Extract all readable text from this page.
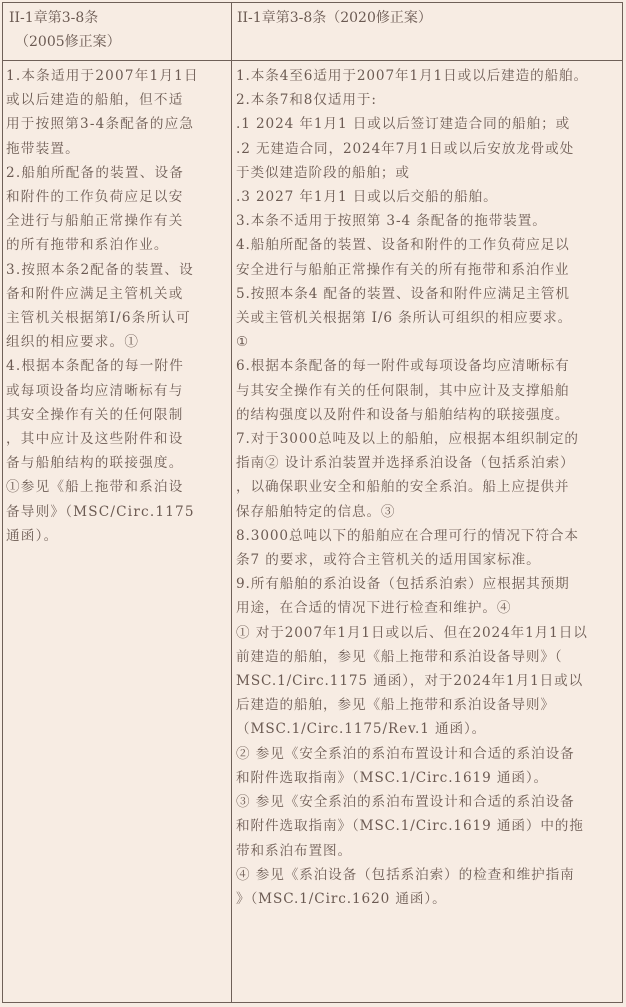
II-1章第3-8条
（2005修正案）
II-1章第3-8条（2020修正案）

1.本条适用于2007年1月1日

或以后建造的船舶，但不适

用于按照第3-4条配备的应急

拖带装置。

2.船舶所配备的装置、设备

和附件的工作负荷应足以安

全进行与船舶正常操作有关

的所有拖带和系泊作业。

3.按照本条2配备的装置、设

备和附件应满足主管机关或

主管机关根据第I/6条所认可

组织的相应要求。①

4.根据本条配备的每一附件

或每项设备均应清晰标有与

其安全操作有关的任何限制

，其中应计及这些附件和设

备与船舶结构的联接强度。

①参见《船上拖带和系泊设

备导则》（MSC/Circ.1175

通函）。

1.本条4至6适用于2007年1月1日或以后建造的船舶。

2.本条7和8仅适用于:

.1 2024 年1月1 日或以后签订建造合同的船舶；或

.2 无建造合同，2024年7月1日或以后安放龙骨或处

于类似建造阶段的船舶；或

.3 2027 年1月1 日或以后交船的船舶。

3.本条不适用于按照第 3-4 条配备的拖带装置。

4.船舶所配备的装置、设备和附件的工作负荷应足以

安全进行与船舶正常操作有关的所有拖带和系泊作业

5.按照本条4 配备的装置、设备和附件应满足主管机

关或主管机关根据第 I/6 条所认可组织的相应要求。

①

6.根据本条配备的每一附件或每项设备均应清晰标有

与其安全操作有关的任何限制，其中应计及支撑船舶

的结构强度以及附件和设备与船舶结构的联接强度。

7.对于3000总吨及以上的船舶，应根据本组织制定的

指南② 设计系泊装置并选择系泊设备（包括系泊索）

，以确保职业安全和船舶的安全系泊。船上应提供并

保存船舶特定的信息。③

8.3000总吨以下的船舶应在合理可行的情况下符合本

条7 的要求，或符合主管机关的适用国家标准。

9.所有船舶的系泊设备（包括系泊索）应根据其预期

用途，在合适的情况下进行检查和维护。④

① 对于2007年1月1日或以后、但在2024年1月1日以

前建造的船舶，参见《船上拖带和系泊设备导则》（

MSC.1/Circ.1175 通函），对于2024年1月1日或以

后建造的船舶，参见《船上拖带和系泊设备导则》

（MSC.1/Circ.1175/Rev.1 通函）。

② 参见《安全系泊的系泊布置设计和合适的系泊设备

和附件选取指南》（MSC.1/Circ.1619 通函）。

③ 参见《安全系泊的系泊布置设计和合适的系泊设备

和附件选取指南》（MSC.1/Circ.1619 通函）中的拖

带和系泊布置图。

④ 参见《系泊设备（包括系泊索）的检查和维护指南

》（MSC.1/Circ.1620 通函）。
